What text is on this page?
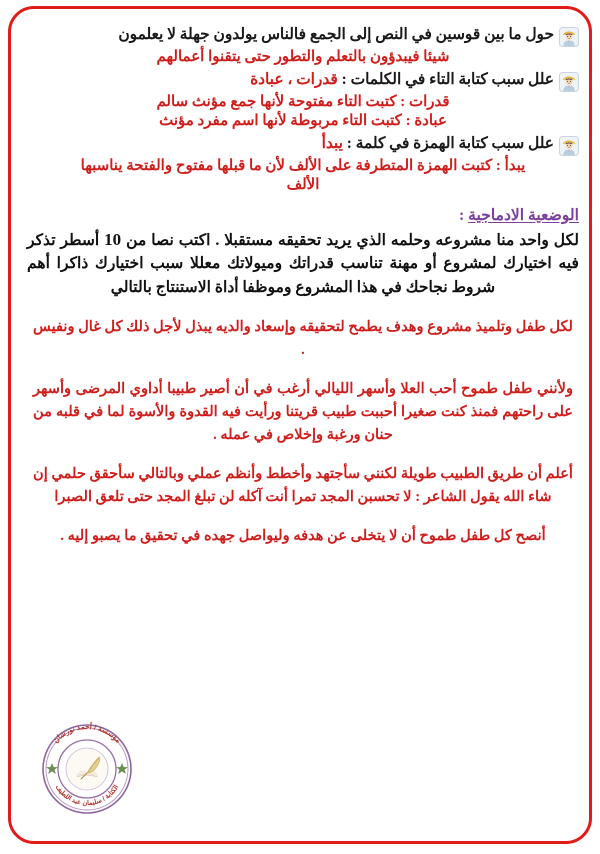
حول ما بين قوسين في النص إلى الجمع فالناس يولدون جهلة لا يعلمون
شيئا فيبدؤون بالتعلم والتطور حتى يتقنوا أعمالهم
علل سبب كتابة التاء في الكلمات : قدرات ، عبادة
قدرات : كتبت التاء مفتوحة لأنها جمع مؤنث سالم
عبادة : كتبت التاء مربوطة لأنها اسم مفرد مؤنث
علل سبب كتابة الهمزة في كلمة : يبدأ
يبدأ : كتبت الهمزة المتطرفة على الألف لأن ما قبلها مفتوح والفتحة يناسبها
الألف
الوضعية الادماجية :
لكل واحد منا مشروعه وحلمه الذي يريد تحقيقه مستقبلا . اكتب نصا من 10 أسطر تذكر فيه اختيارك لمشروع أو مهنة تناسب قدراتك وميولاتك معللا سبب اختيارك ذاكرا أهم شروط نجاحك في هذا المشروع وموظفا أداة الاستنتاج بالتالي
لكل طفل وتلميذ مشروع وهدف يطمح لتحقيقه وإسعاد والديه يبذل لأجل ذلك كل غال ونفيس .
ولأنني طفل طموح أحب العلا وأسهر الليالي أرغب في أن أصير طبيبا أداوي المرضى وأسهر على راحتهم فمنذ كنت صغيرا أحببت طبيب قريتنا ورأيت فيه القدوة والأسوة لما في قلبه من حنان ورغبة وإخلاص في عمله .
أعلم أن طريق الطبيب طويلة لكنني سأجتهد وأخطط وأنظم عملي وبالتالي سأحقق حلمي إن شاء الله يقول الشاعر : لا تحسبن المجد تمرا أنت آكله لن تبلغ المجد حتى تلعق الصبرا
أنصح كل طفل طموح أن لا يتخلى عن هدفه وليواصل جهده في تحقيق ما يصبو إليه .
مؤسسة / أحمد نورشان
الكتابة / سليمان عبد اللطيف
